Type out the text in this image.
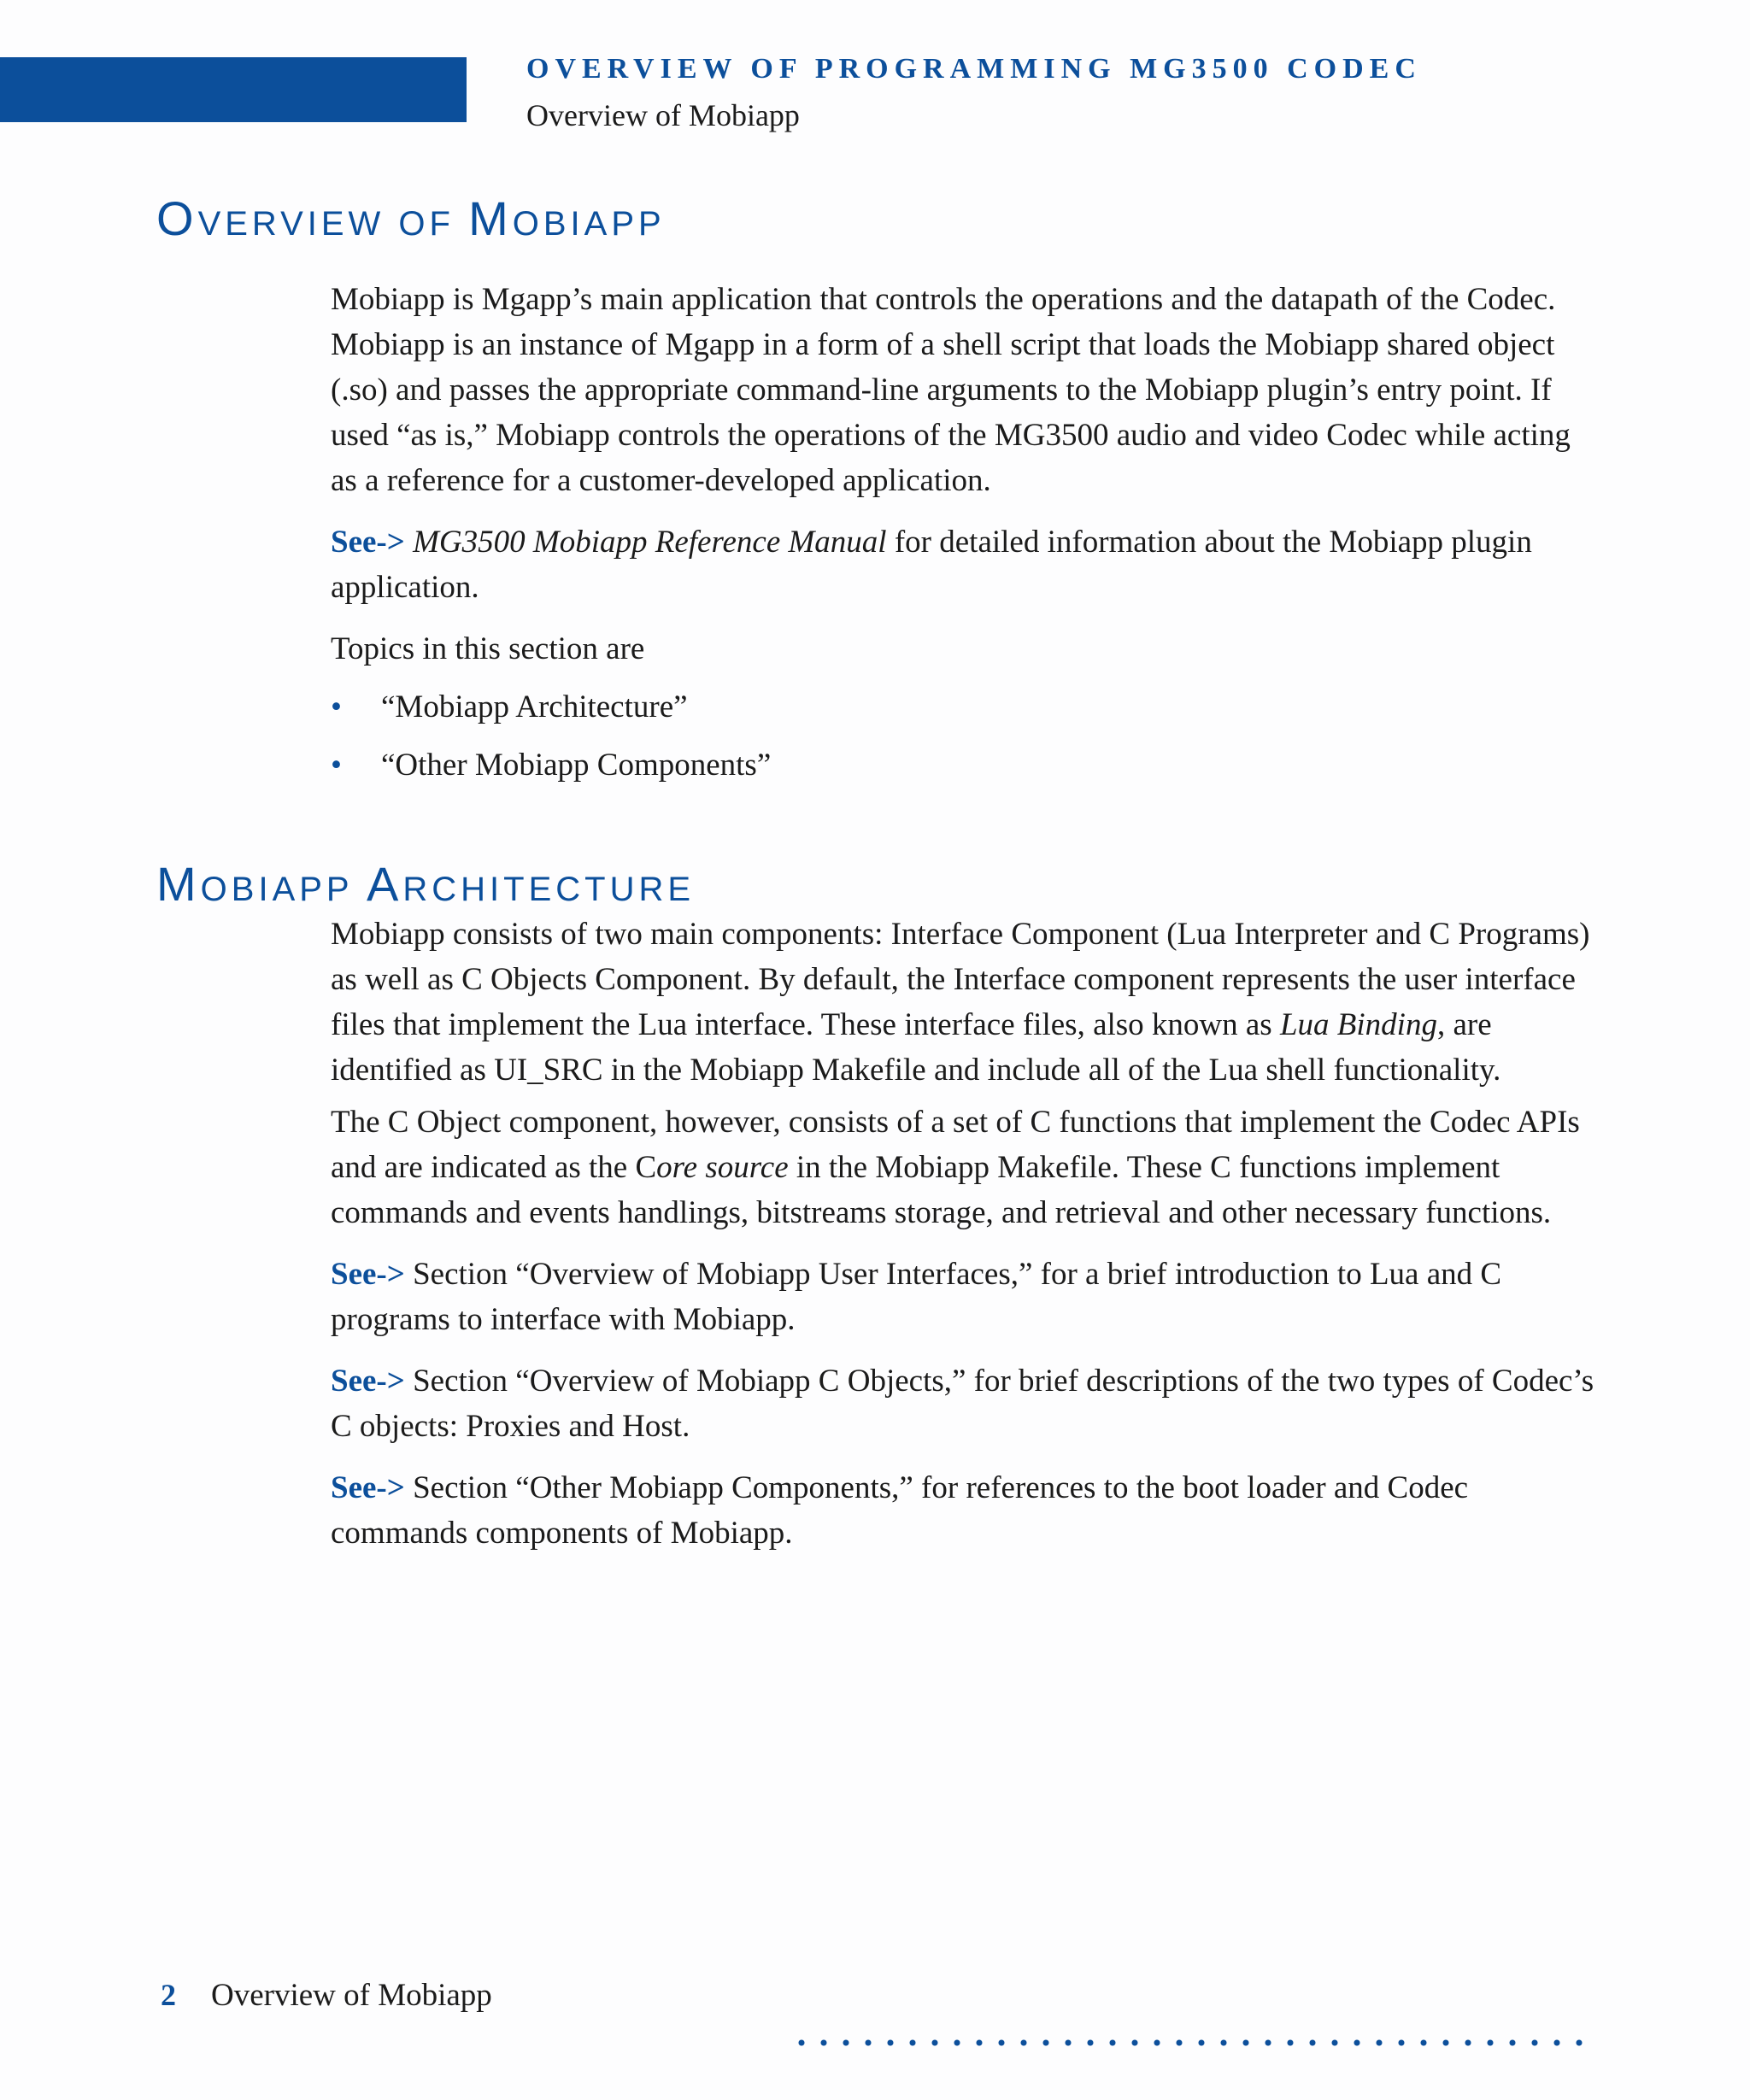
OVERVIEW OF PROGRAMMING MG3500 CODEC
Overview of Mobiapp
OVERVIEW OF MOBIAPP

Mobiapp is Mgapp’s main application that controls the operations and the datapath of the Codec. Mobiapp is an instance of Mgapp in a form of a shell script that loads the Mobiapp shared object (.so) and passes the appropriate command-line arguments to the Mobiapp plugin’s entry point. If used “as is,” Mobiapp controls the operations of the MG3500 audio and video Codec while acting as a reference for a customer-developed application.

See-> MG3500 Mobiapp Reference Manual for detailed information about the Mobiapp plugin application.

Topics in this section are

• “Mobiapp Architecture”
• “Other Mobiapp Components”
MOBIAPP ARCHITECTURE

Mobiapp consists of two main components: Interface Component (Lua Interpreter and C Programs) as well as C Objects Component. By default, the Interface component represents the user interface files that implement the Lua interface. These interface files, also known as Lua Binding, are identified as UI_SRC in the Mobiapp Makefile and include all of the Lua shell functionality.

The C Object component, however, consists of a set of C functions that implement the Codec APIs and are indicated as the Core source in the Mobiapp Makefile. These C functions implement commands and events handlings, bitstreams storage, and retrieval and other necessary functions.

See-> Section “Overview of Mobiapp User Interfaces,” for a brief introduction to Lua and C programs to interface with Mobiapp.

See-> Section “Overview of Mobiapp C Objects,” for brief descriptions of the two types of Codec’s C objects: Proxies and Host.

See-> Section “Other Mobiapp Components,” for references to the boot loader and Codec commands components of Mobiapp.

2 Overview of Mobiapp
